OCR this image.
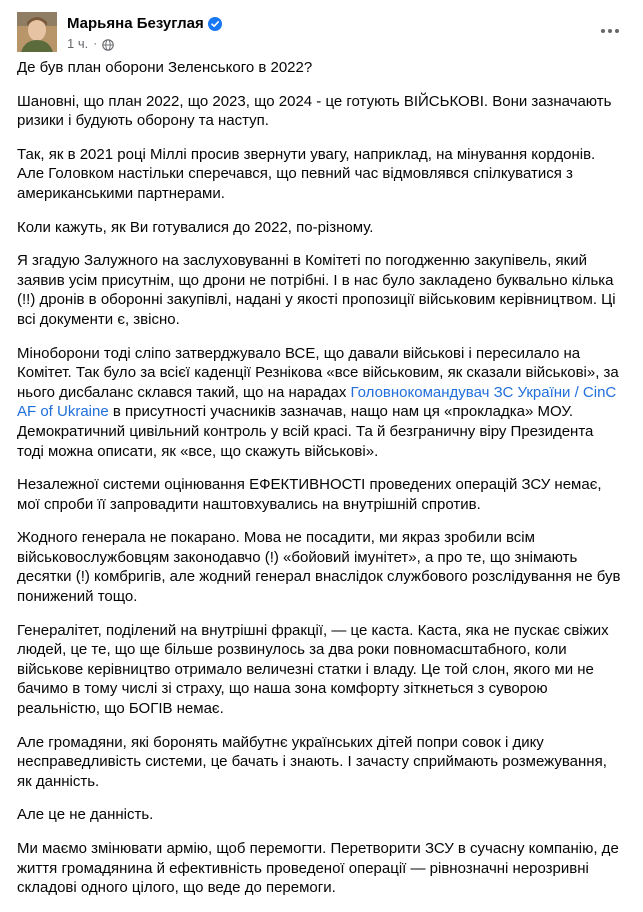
Марьяна Безуглая
1 ч. ·

Де був план оборони Зеленського в 2022?

Шановні, що план 2022, що 2023, що 2024 - це готують ВІЙСЬКОВІ. Вони зазначають ризики і будують оборону та наступ.

Так, як в 2021 році Міллі просив звернути увагу, наприклад, на мінування кордонів. Але Головком настільки сперечався, що певний час відмовлявся спілкуватися з американськими партнерами.

Коли кажуть, як Ви готувалися до 2022, по-різному.

Я згадую Залужного на заслуховуванні в Комітеті по погодженню закупівель, який заявив усім присутнім, що дрони не потрібні. І в нас було закладено буквально кілька (!!) дронів в оборонні закупівлі, надані у якості пропозиції військовим керівництвом. Ці всі документи є, звісно.

Міноборони тоді сліпо затверджувало ВСЕ, що давали військові і пересилало на Комітет. Так було за всієї каденції Резнікова «все військовим, як сказали військові», за нього дисбаланс склався такий, що на нарадах Головнокомандувач ЗС України / CinC AF of Ukraine в присутності учасників зазначав, нащо нам ця «прокладка» МОУ. Демократичний цивільний контроль у всій красі. Та й безграничну віру Президента тоді можна описати, як «все, що скажуть військові».

Незалежної системи оцінювання ЕФЕКТИВНОСТІ проведених операцій ЗСУ немає, мої спроби її запровадити наштовхувались на внутрішній спротив.

Жодного генерала не покарано. Мова не посадити, ми якраз зробили всім військовослужбовцям законодавчо (!) «бойовий імунітет», а про те, що знімають десятки (!) комбригів, але жодний генерал внаслідок службового розслідування не був понижений тощо.

Генералітет, поділений на внутрішні фракції, — це каста. Каста, яка не пускає свіжих людей, це те, що ще більше розвинулось за два роки повномасштабного, коли військове керівництво отримало величезні статки і владу. Це той слон, якого ми не бачимо в тому числі зі страху, що наша зона комфорту зіткнеться з суворою реальністю, що БОГІВ немає.

Але громадяни, які боронять майбутнє українських дітей попри совок і дику несправедливість системи, це бачать і знають. І зачасту сприймають розмежування, як данність.

Але це не данність.

Ми маємо змінювати армію, щоб перемогти. Перетворити ЗСУ в сучасну компанію, де життя громадянина й ефективність проведеної операції — рівнозначні нерозривні складові одного цілого, що веде до перемоги.
